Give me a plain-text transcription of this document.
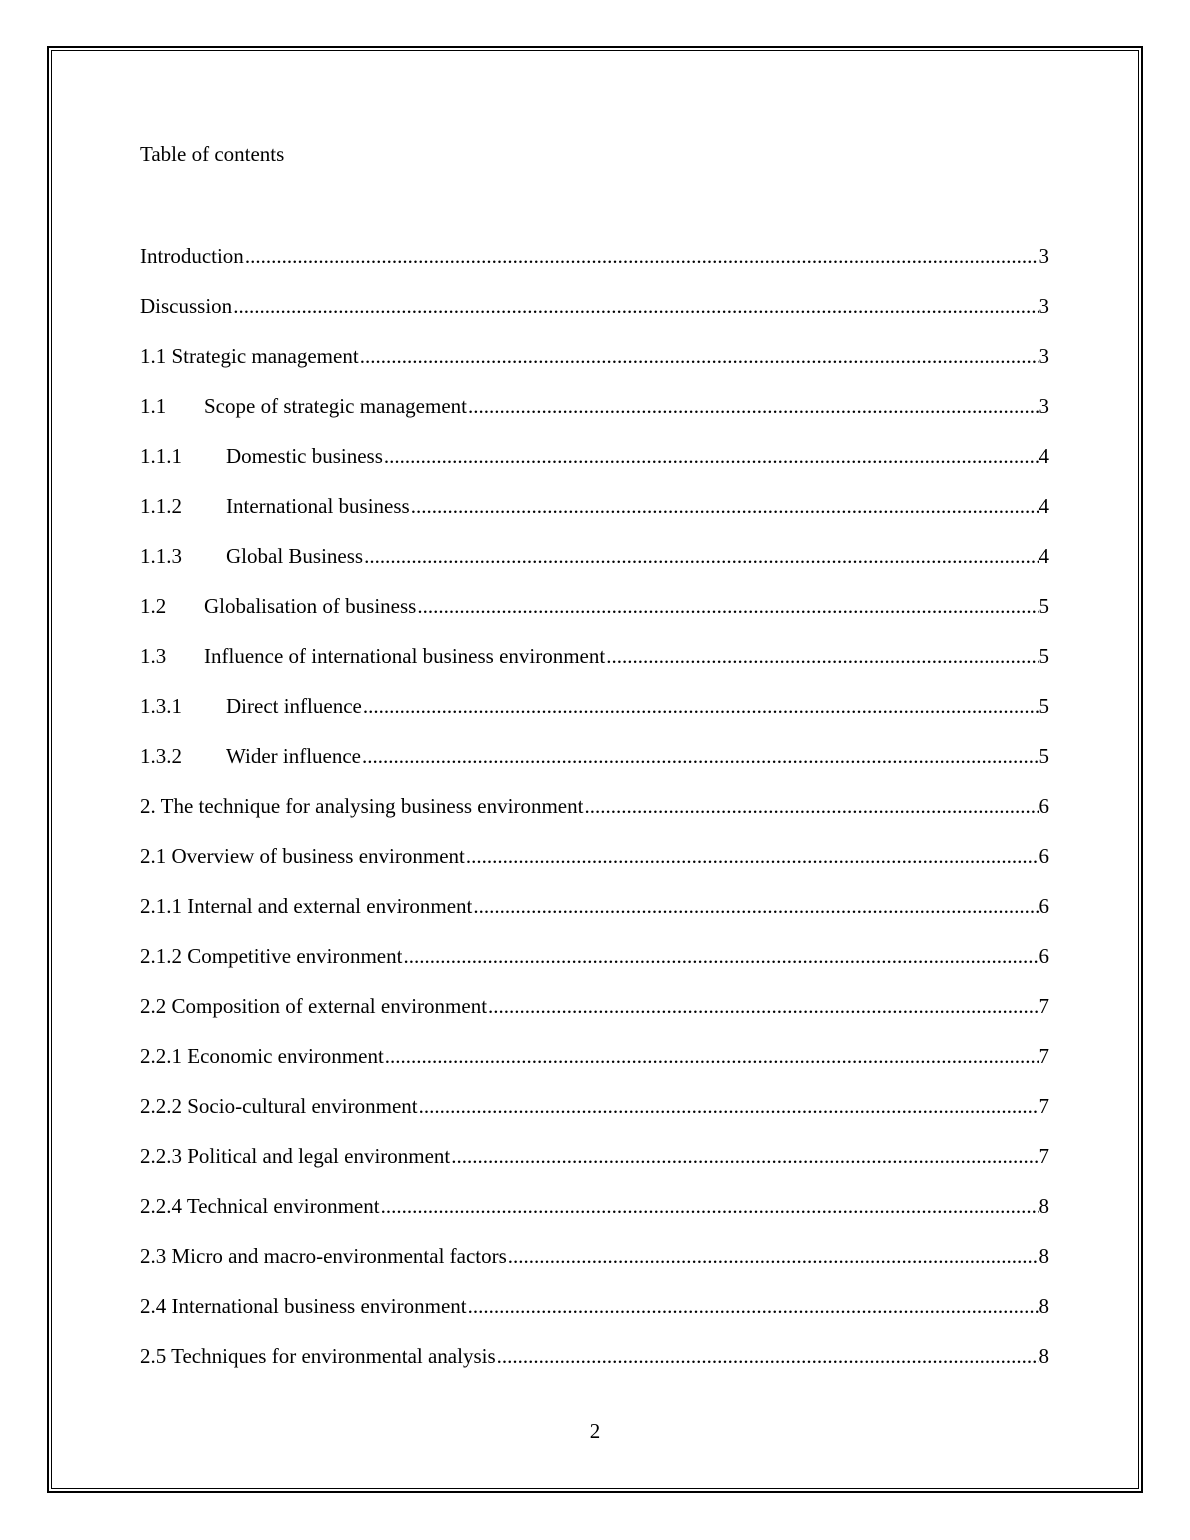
Table of contents
Introduction .....	3
Discussion .....	3
1.1 Strategic management .....	3
1.1	Scope of strategic management .....	3
1.1.1	Domestic business .....	4
1.1.2	International business .....	4
1.1.3	Global Business .....	4
1.2	Globalisation of business .....	5
1.3	Influence of international business environment .....	5
1.3.1	Direct influence .....	5
1.3.2	Wider influence .....	5
2. The technique for analysing business environment .....	6
2.1 Overview of business environment .....	6
2.1.1 Internal and external environment .....	6
2.1.2 Competitive environment .....	6
2.2 Composition of external environment .....	7
2.2.1 Economic environment .....	7
2.2.2 Socio-cultural environment .....	7
2.2.3 Political and legal environment .....	7
2.2.4 Technical environment .....	8
2.3 Micro and macro-environmental factors .....	8
2.4 International business environment .....	8
2.5 Techniques for environmental analysis .....	8
2
